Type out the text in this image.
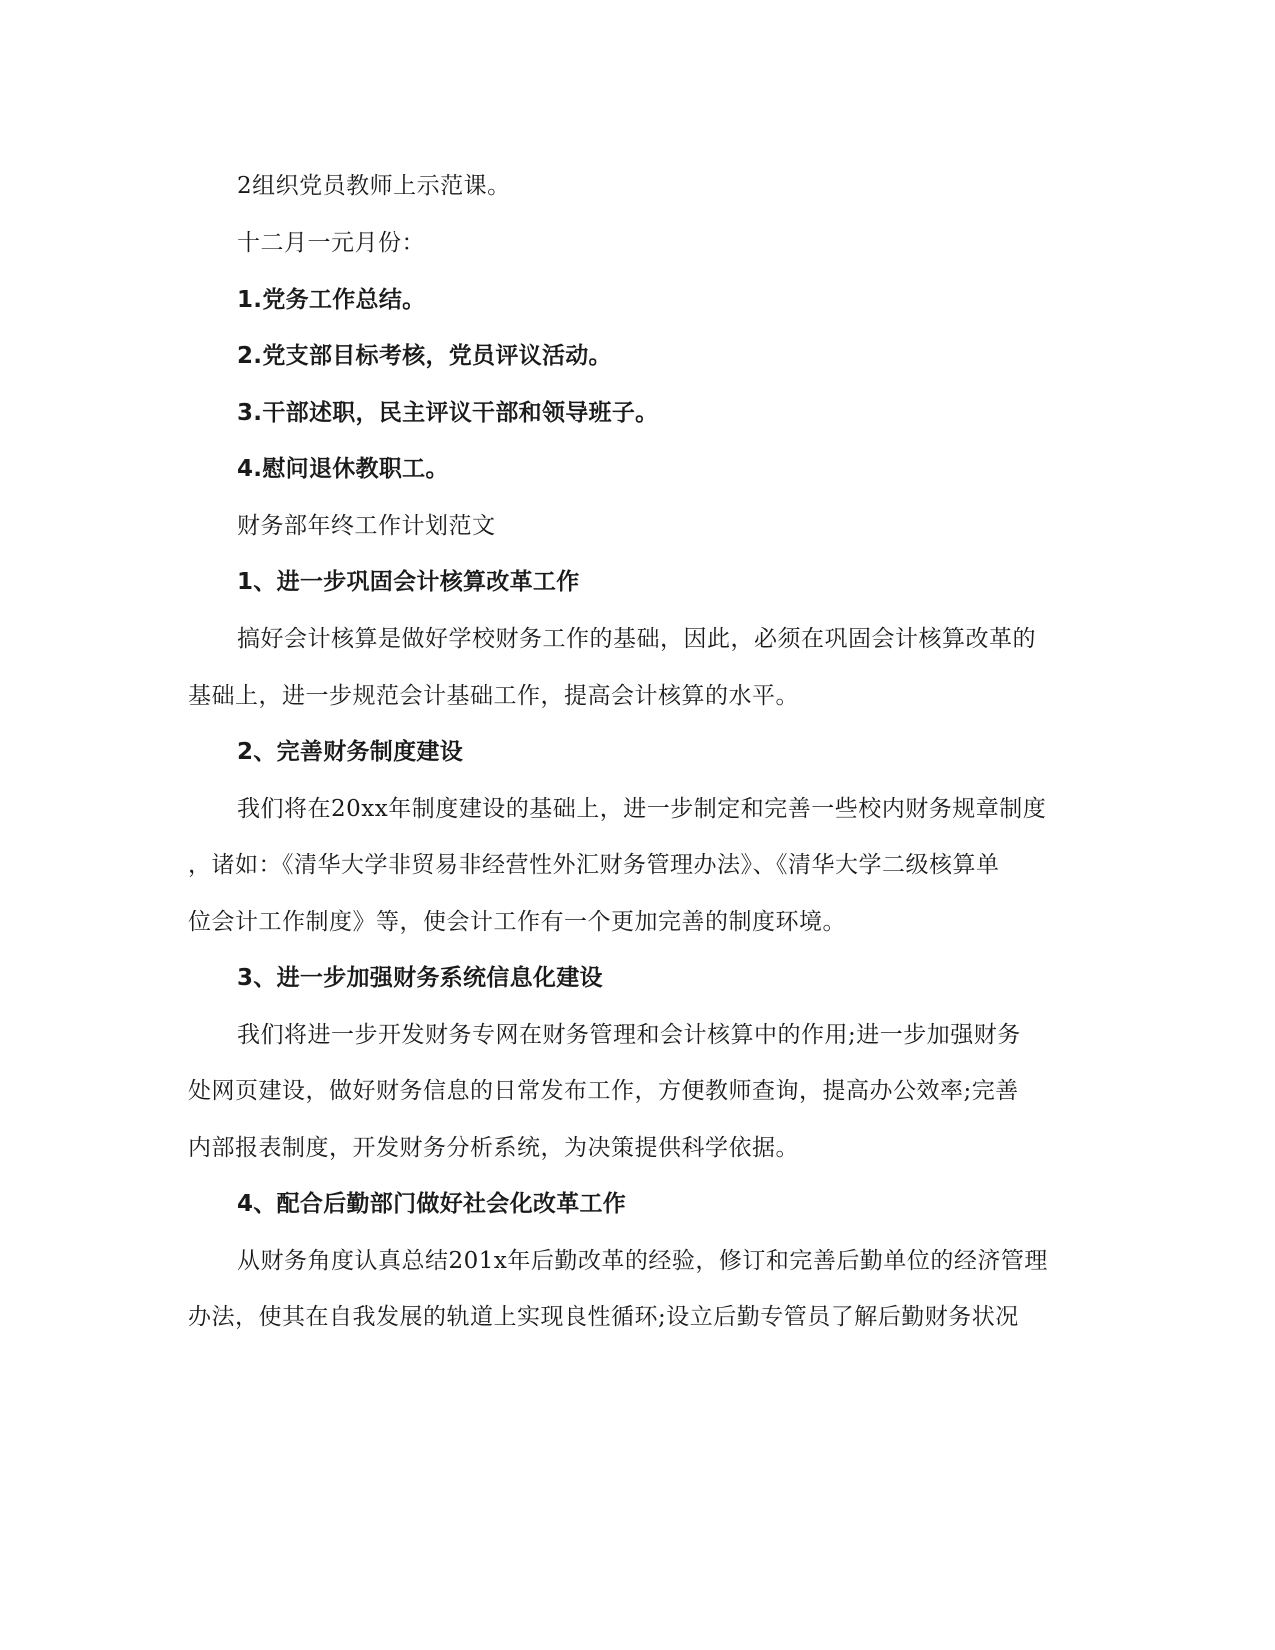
2组织党员教师上示范课。
十二月一元月份：
1.党务工作总结。
2.党支部目标考核，党员评议活动。
3.干部述职，民主评议干部和领导班子。
4.慰问退休教职工。
财务部年终工作计划范文
1、进一步巩固会计核算改革工作
搞好会计核算是做好学校财务工作的基础，因此，必须在巩固会计核算改革的
基础上，进一步规范会计基础工作，提高会计核算的水平。
2、完善财务制度建设
我们将在20xx年制度建设的基础上，进一步制定和完善一些校内财务规章制度
，诸如：《清华大学非贸易非经营性外汇财务管理办法》、《清华大学二级核算单
位会计工作制度》等，使会计工作有一个更加完善的制度环境。
3、进一步加强财务系统信息化建设
我们将进一步开发财务专网在财务管理和会计核算中的作用;进一步加强财务
处网页建设，做好财务信息的日常发布工作，方便教师查询，提高办公效率;完善
内部报表制度，开发财务分析系统，为决策提供科学依据。
4、配合后勤部门做好社会化改革工作
从财务角度认真总结201x年后勤改革的经验，修订和完善后勤单位的经济管理
办法，使其在自我发展的轨道上实现良性循环;设立后勤专管员了解后勤财务状况
